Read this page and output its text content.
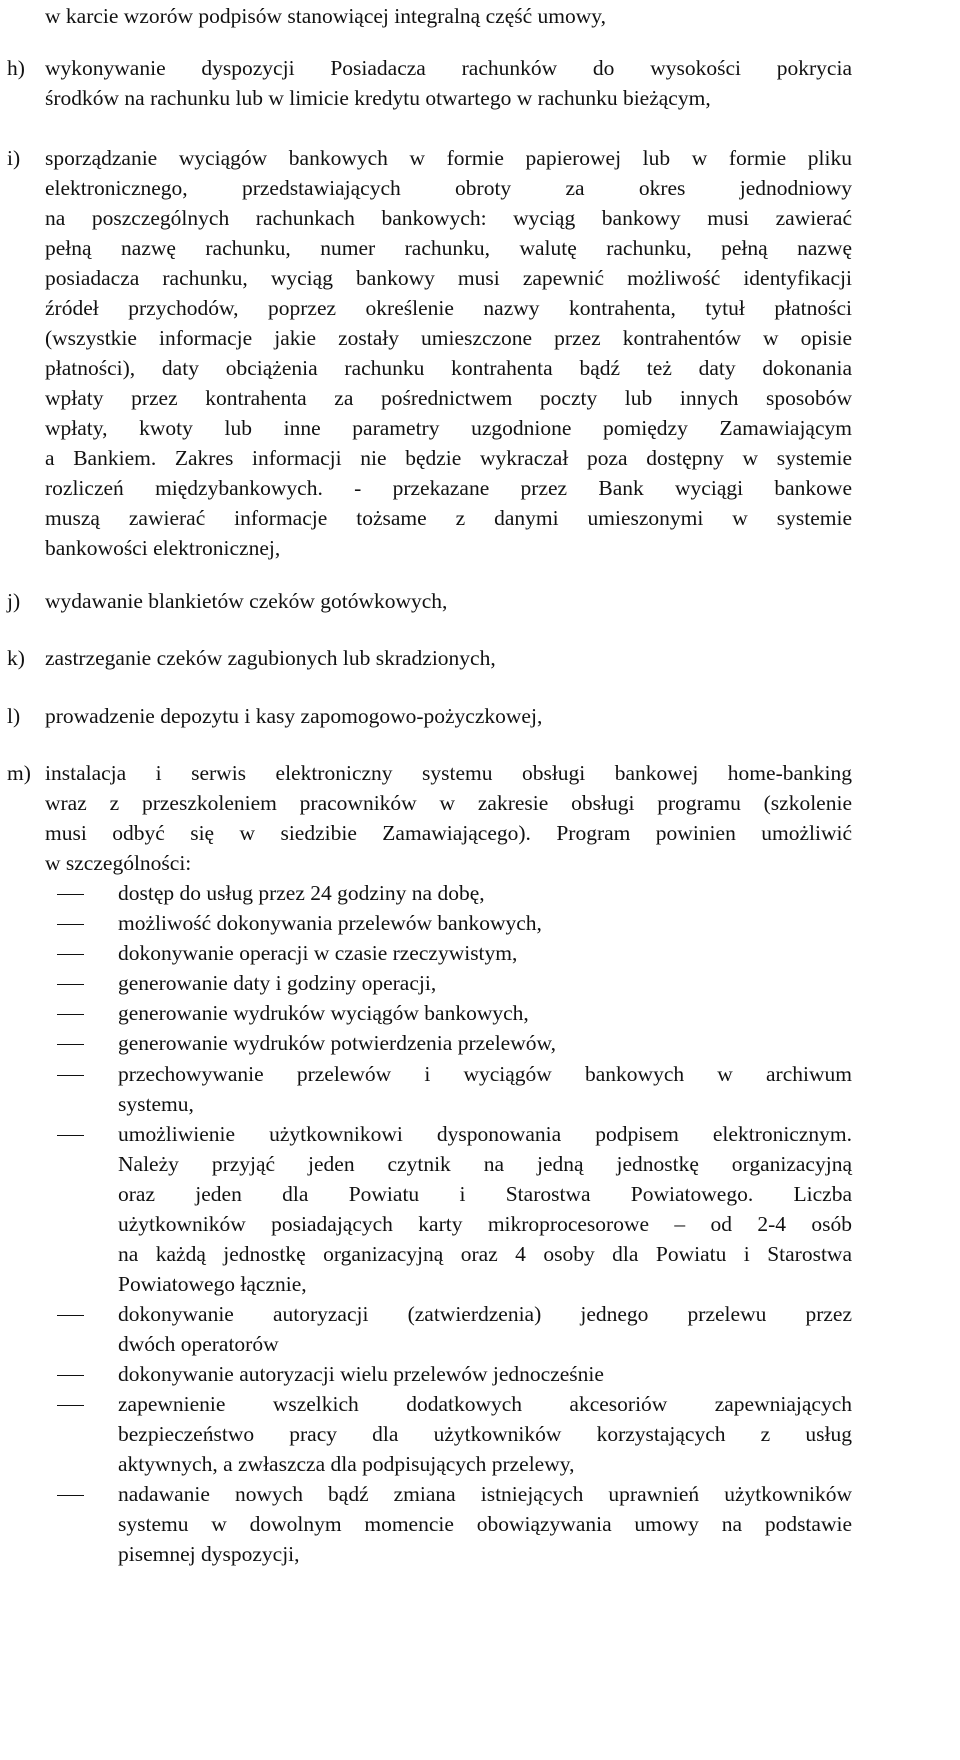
w karcie wzorów podpisów stanowiącej integralną część umowy,
h) wykonywanie dyspozycji Posiadacza rachunków do wysokości pokrycia
środków na rachunku lub w limicie kredytu otwartego w rachunku bieżącym,
i) sporządzanie wyciągów bankowych w formie papierowej lub w formie pliku
elektronicznego, przedstawiających obroty za okres jednodniowy
na poszczególnych rachunkach bankowych: wyciąg bankowy musi zawierać
pełną nazwę rachunku, numer rachunku, walutę rachunku, pełną nazwę
posiadacza rachunku, wyciąg bankowy musi zapewnić możliwość identyfikacji
źródeł przychodów, poprzez określenie nazwy kontrahenta, tytuł płatności
(wszystkie informacje jakie zostały umieszczone przez kontrahentów w opisie
płatności), daty obciążenia rachunku kontrahenta bądź też daty dokonania
wpłaty przez kontrahenta za pośrednictwem poczty lub innych sposobów
wpłaty, kwoty lub inne parametry uzgodnione pomiędzy Zamawiającym
a Bankiem. Zakres informacji nie będzie wykraczał poza dostępny w systemie
rozliczeń międzybankowych. - przekazane przez Bank wyciągi bankowe
muszą zawierać informacje tożsame z danymi umieszonymi w systemie
bankowości elektronicznej,
j) wydawanie blankietów czeków gotówkowych,
k) zastrzeganie czeków zagubionych lub skradzionych,
l) prowadzenie depozytu i kasy zapomogowo-pożyczkowej,
m) instalacja i serwis elektroniczny systemu obsługi bankowej home-banking
wraz z przeszkoleniem pracowników w zakresie obsługi programu (szkolenie
musi odbyć się w siedzibie Zamawiającego). Program powinien umożliwić
w szczególności:
dostęp do usług przez 24 godziny na dobę,
możliwość dokonywania przelewów bankowych,
dokonywanie operacji w czasie rzeczywistym,
generowanie daty i godziny operacji,
generowanie wydruków wyciągów bankowych,
generowanie wydruków potwierdzenia przelewów,
przechowywanie przelewów i wyciągów bankowych w archiwum
systemu,
umożliwienie użytkownikowi dysponowania podpisem elektronicznym.
Należy przyjąć jeden czytnik na jedną jednostkę organizacyjną
oraz jeden dla Powiatu i Starostwa Powiatowego. Liczba
użytkowników posiadających karty mikroprocesorowe – od 2-4 osób
na każdą jednostkę organizacyjną oraz 4 osoby dla Powiatu i Starostwa
Powiatowego łącznie,
dokonywanie autoryzacji (zatwierdzenia) jednego przelewu przez
dwóch operatorów
dokonywanie autoryzacji wielu przelewów jednocześnie
zapewnienie wszelkich dodatkowych akcesoriów zapewniających
bezpieczeństwo pracy dla użytkowników korzystających z usług
aktywnych, a zwłaszcza dla podpisujących przelewy,
nadawanie nowych bądź zmiana istniejących uprawnień użytkowników
systemu w dowolnym momencie obowiązywania umowy na podstawie
pisemnej dyspozycji,
